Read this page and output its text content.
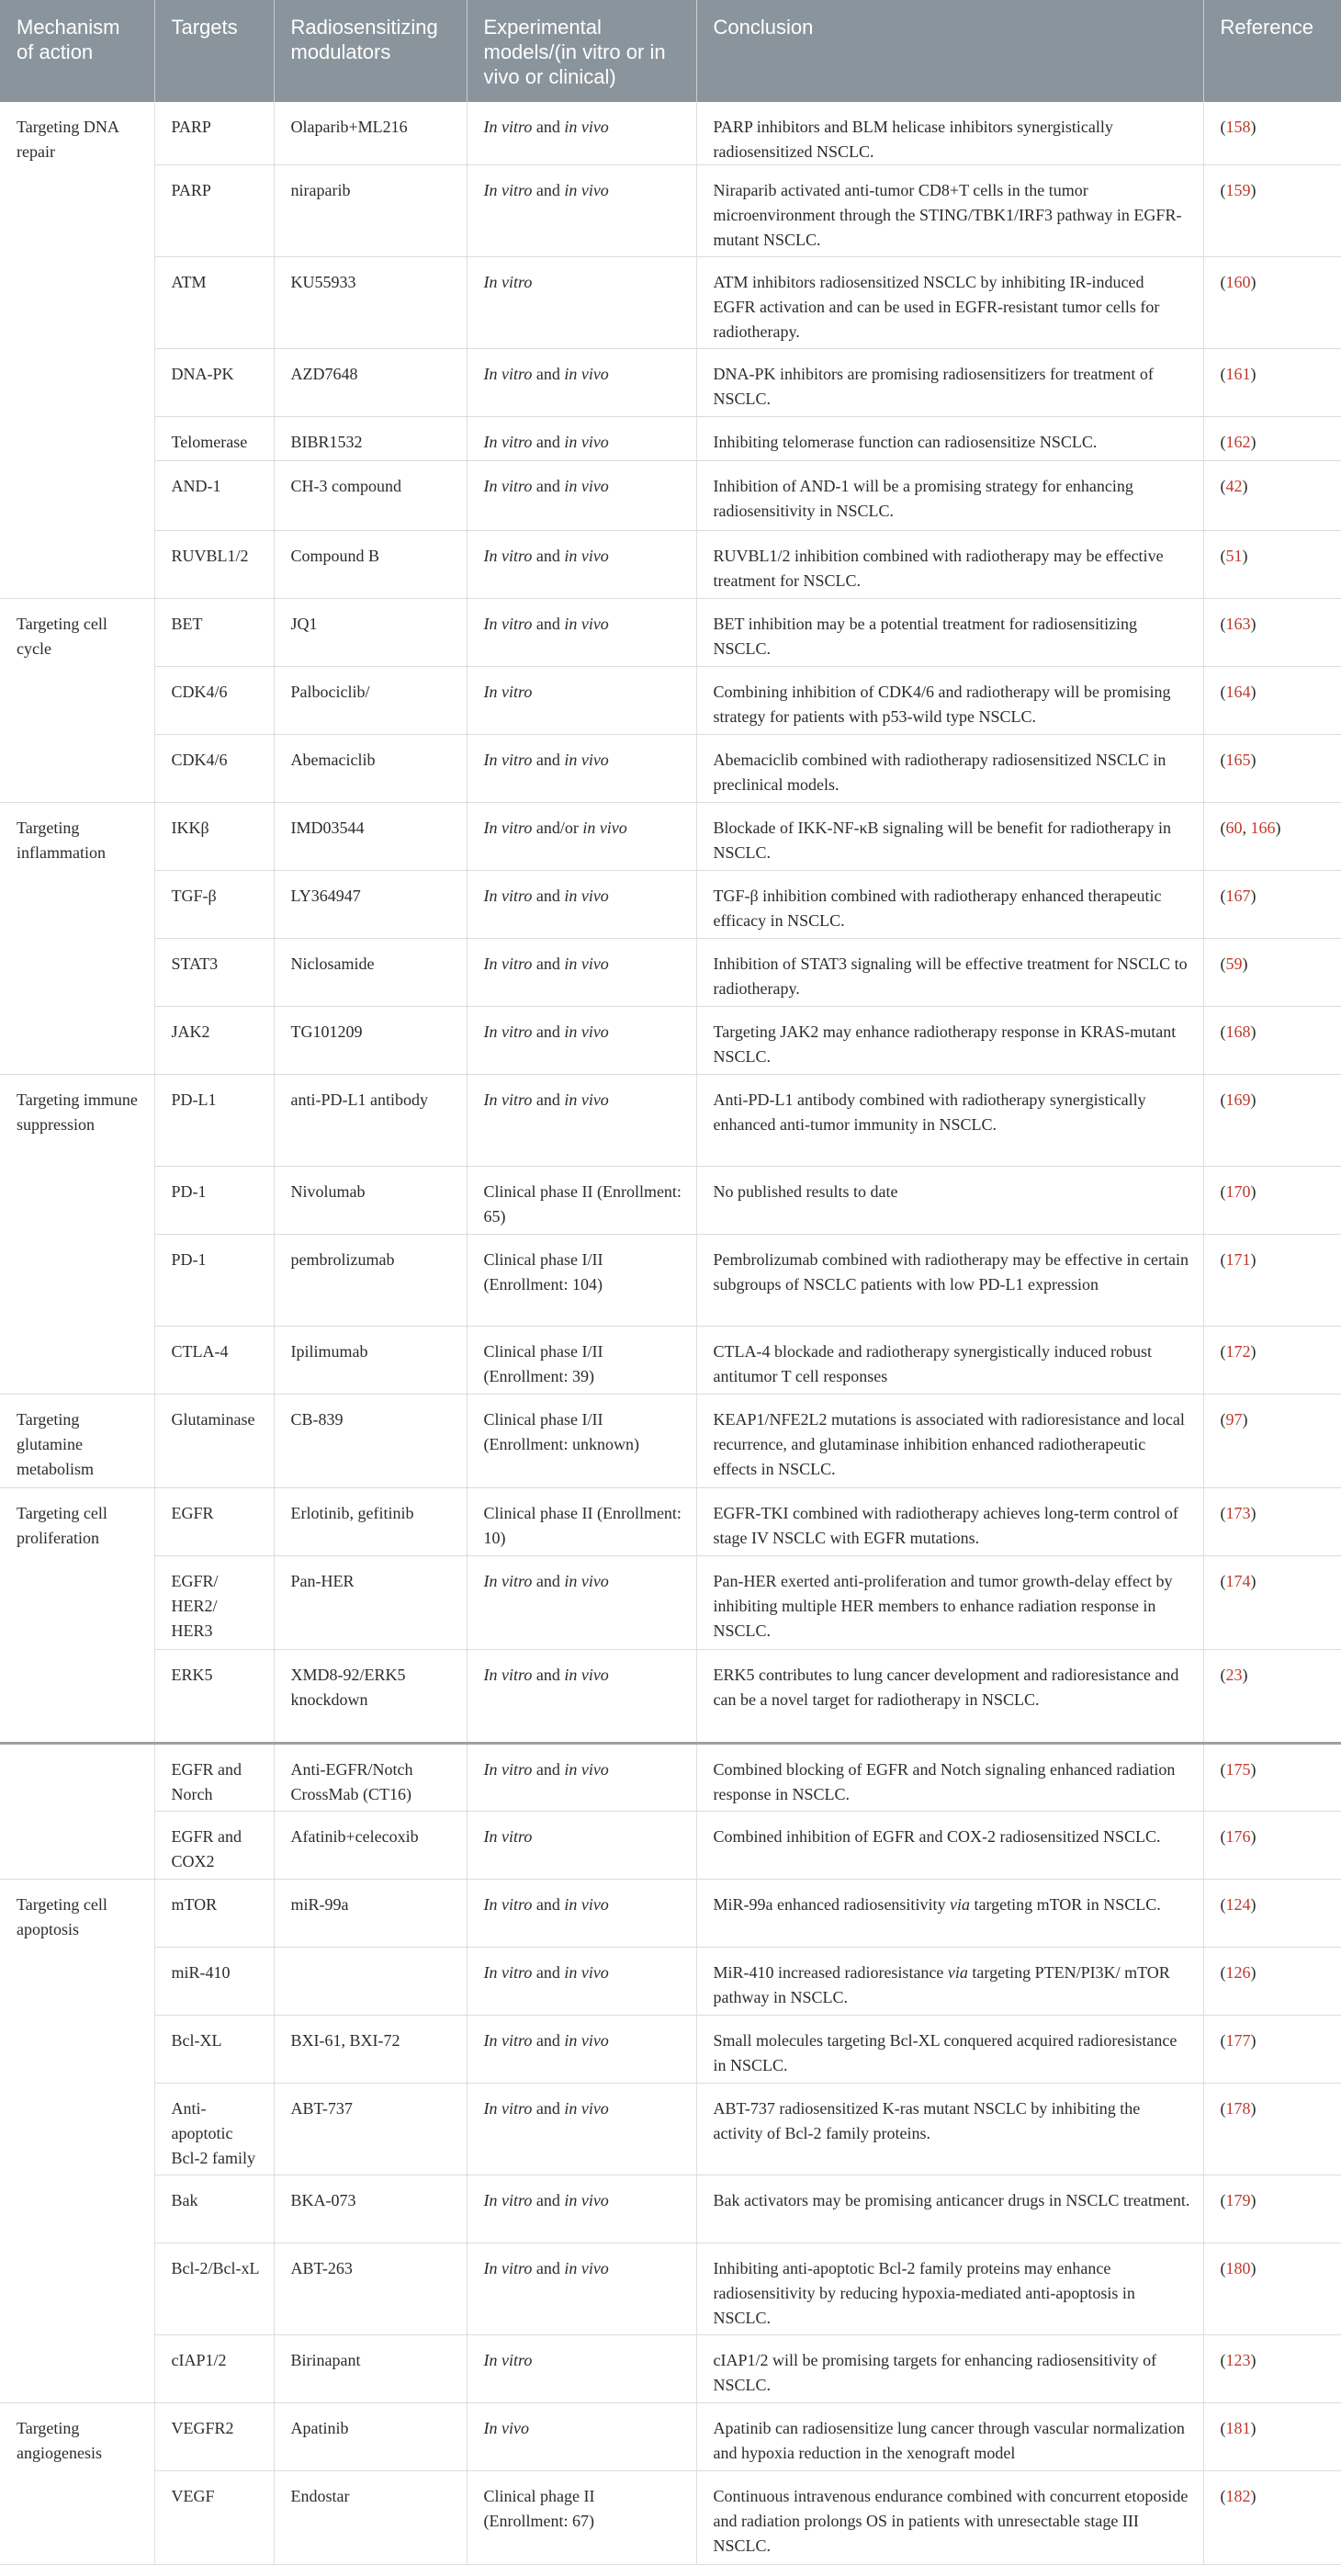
Mechanism of action	Targets	Radiosensitizing modulators	Experimental models/(in vitro or in vivo or clinical)	Conclusion	Reference
Targeting DNA repair	PARP	Olaparib+ML216	In vitro and in vivo	PARP inhibitors and BLM helicase inhibitors synergistically radiosensitized NSCLC.	(158)
	PARP	niraparib	In vitro and in vivo	Niraparib activated anti-tumor CD8+T cells in the tumor microenvironment through the STING/TBK1/IRF3 pathway in EGFR-mutant NSCLC.	(159)
	ATM	KU55933	In vitro	ATM inhibitors radiosensitized NSCLC by inhibiting IR-induced EGFR activation and can be used in EGFR-resistant tumor cells for radiotherapy.	(160)
	DNA-PK	AZD7648	In vitro and in vivo	DNA-PK inhibitors are promising radiosensitizers for treatment of NSCLC.	(161)
	Telomerase	BIBR1532	In vitro and in vivo	Inhibiting telomerase function can radiosensitize NSCLC.	(162)
	AND-1	CH-3 compound	In vitro and in vivo	Inhibition of AND-1 will be a promising strategy for enhancing radiosensitivity in NSCLC.	(42)
	RUVBL1/2	Compound B	In vitro and in vivo	RUVBL1/2 inhibition combined with radiotherapy may be effective treatment for NSCLC.	(51)
Targeting cell cycle	BET	JQ1	In vitro and in vivo	BET inhibition may be a potential treatment for radiosensitizing NSCLC.	(163)
	CDK4/6	Palbociclib/	In vitro	Combining inhibition of CDK4/6 and radiotherapy will be promising strategy for patients with p53-wild type NSCLC.	(164)
	CDK4/6	Abemaciclib	In vitro and in vivo	Abemaciclib combined with radiotherapy radiosensitized NSCLC in preclinical models.	(165)
Targeting inflammation	IKKβ	IMD03544	In vitro and/or in vivo	Blockade of IKK-NF-κB signaling will be benefit for radiotherapy in NSCLC.	(60, 166)
	TGF-β	LY364947	In vitro and in vivo	TGF-β inhibition combined with radiotherapy enhanced therapeutic efficacy in NSCLC.	(167)
	STAT3	Niclosamide	In vitro and in vivo	Inhibition of STAT3 signaling will be effective treatment for NSCLC to radiotherapy.	(59)
	JAK2	TG101209	In vitro and in vivo	Targeting JAK2 may enhance radiotherapy response in KRAS-mutant NSCLC.	(168)
Targeting immune suppression	PD-L1	anti-PD-L1 antibody	In vitro and in vivo	Anti-PD-L1 antibody combined with radiotherapy synergistically enhanced anti-tumor immunity in NSCLC.	(169)
	PD-1	Nivolumab	Clinical phase II (Enrollment: 65)	No published results to date	(170)
	PD-1	pembrolizumab	Clinical phase I/II (Enrollment: 104)	Pembrolizumab combined with radiotherapy may be effective in certain subgroups of NSCLC patients with low PD-L1 expression	(171)
	CTLA-4	Ipilimumab	Clinical phase I/II (Enrollment: 39)	CTLA-4 blockade and radiotherapy synergistically induced robust antitumor T cell responses	(172)
Targeting glutamine metabolism	Glutaminase	CB-839	Clinical phase I/II (Enrollment: unknown)	KEAP1/NFE2L2 mutations is associated with radioresistance and local recurrence, and glutaminase inhibition enhanced radiotherapeutic effects in NSCLC.	(97)
Targeting cell proliferation	EGFR	Erlotinib, gefitinib	Clinical phase II (Enrollment: 10)	EGFR-TKI combined with radiotherapy achieves long-term control of stage IV NSCLC with EGFR mutations.	(173)
	EGFR/ HER2/ HER3	Pan-HER	In vitro and in vivo	Pan-HER exerted anti-proliferation and tumor growth-delay effect by inhibiting multiple HER members to enhance radiation response in NSCLC.	(174)
	ERK5	XMD8-92/ERK5 knockdown	In vitro and in vivo	ERK5 contributes to lung cancer development and radioresistance and can be a novel target for radiotherapy in NSCLC.	(23)
	EGFR and Norch	Anti-EGFR/Notch CrossMab (CT16)	In vitro and in vivo	Combined blocking of EGFR and Notch signaling enhanced radiation response in NSCLC.	(175)
	EGFR and COX2	Afatinib+celecoxib	In vitro	Combined inhibition of EGFR and COX-2 radiosensitized NSCLC.	(176)
Targeting cell apoptosis	mTOR	miR-99a	In vitro and in vivo	MiR-99a enhanced radiosensitivity via targeting mTOR in NSCLC.	(124)
	miR-410		In vitro and in vivo	MiR-410 increased radioresistance via targeting PTEN/PI3K/ mTOR pathway in NSCLC.	(126)
	Bcl-XL	BXI-61, BXI-72	In vitro and in vivo	Small molecules targeting Bcl-XL conquered acquired radioresistance in NSCLC.	(177)
	Anti-apoptotic Bcl-2 family	ABT-737	In vitro and in vivo	ABT-737 radiosensitized K-ras mutant NSCLC by inhibiting the activity of Bcl-2 family proteins.	(178)
	Bak	BKA-073	In vitro and in vivo	Bak activators may be promising anticancer drugs in NSCLC treatment.	(179)
	Bcl-2/Bcl-xL	ABT-263	In vitro and in vivo	Inhibiting anti-apoptotic Bcl-2 family proteins may enhance radiosensitivity by reducing hypoxia-mediated anti-apoptosis in NSCLC.	(180)
	cIAP1/2	Birinapant	In vitro	cIAP1/2 will be promising targets for enhancing radiosensitivity of NSCLC.	(123)
Targeting angiogenesis	VEGFR2	Apatinib	In vivo	Apatinib can radiosensitize lung cancer through vascular normalization and hypoxia reduction in the xenograft model	(181)
	VEGF	Endostar	Clinical phage II (Enrollment: 67)	Continuous intravenous endurance combined with concurrent etoposide and radiation prolongs OS in patients with unresectable stage III NSCLC.	(182)
